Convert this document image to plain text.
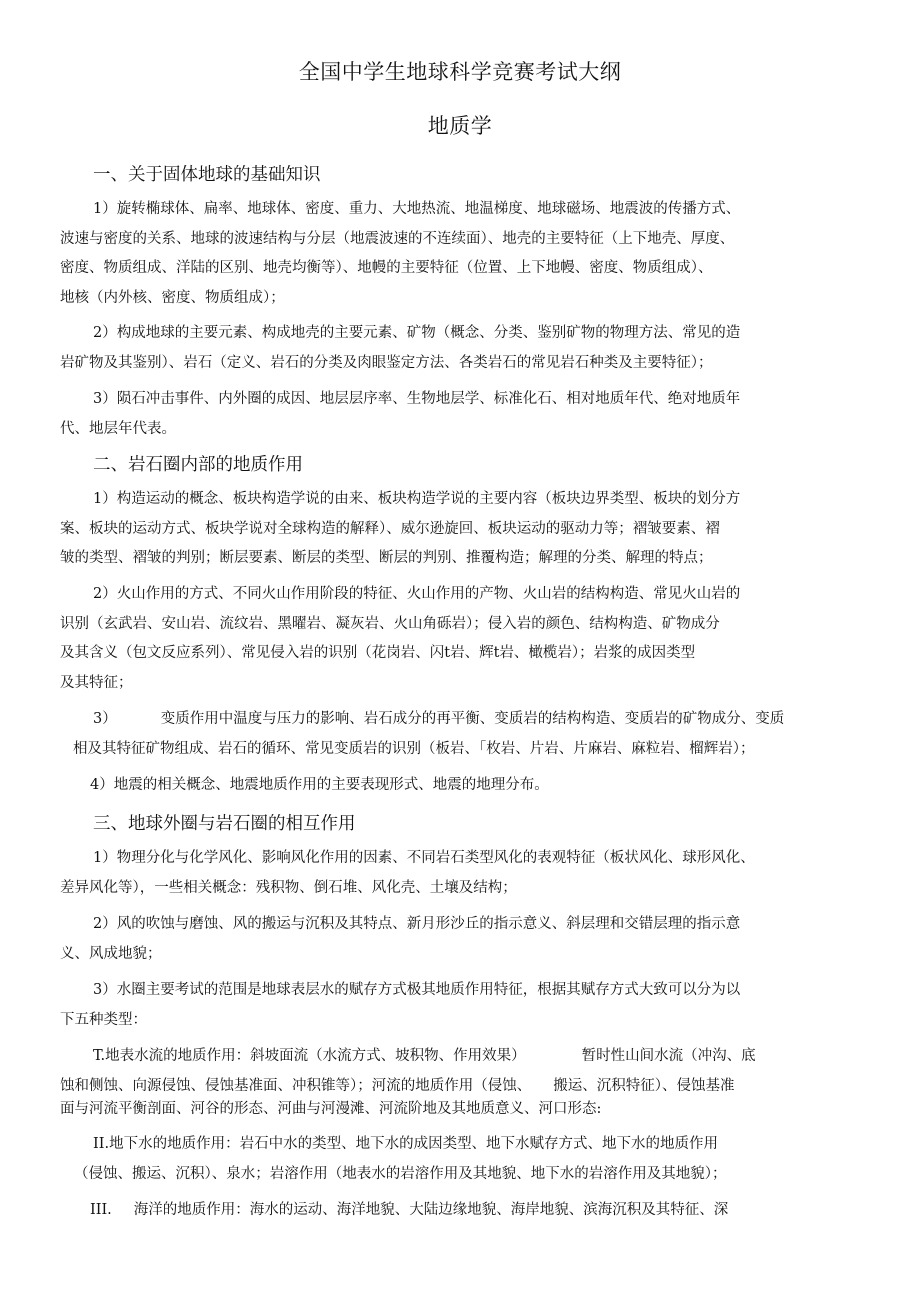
全国中学生地球科学竞赛考试大纲
地质学
一、关于固体地球的基础知识
1）旋转椭球体、扁率、地球体、密度、重力、大地热流、地温梯度、地球磁场、地震波的传播方式、
波速与密度的关系、地球的波速结构与分层（地震波速的不连续面）、地壳的主要特征（上下地壳、厚度、
密度、物质组成、洋陆的区别、地壳均衡等）、地幔的主要特征（位置、上下地幔、密度、物质组成）、
地核（内外核、密度、物质组成）；
2）构成地球的主要元素、构成地壳的主要元素、矿物（概念、分类、鉴别矿物的物理方法、常见的造
岩矿物及其鉴别）、岩石（定义、岩石的分类及肉眼鉴定方法、各类岩石的常见岩石种类及主要特征）；
3）陨石冲击事件、内外圈的成因、地层层序率、生物地层学、标准化石、相对地质年代、绝对地质年
代、地层年代表。
二、岩石圈内部的地质作用
1）构造运动的概念、板块构造学说的由来、板块构造学说的主要内容（板块边界类型、板块的划分方
案、板块的运动方式、板块学说对全球构造的解释）、威尔逊旋回、板块运动的驱动力等；褶皱要素、褶
皱的类型、褶皱的判别；断层要素、断层的类型、断层的判别、推覆构造；解理的分类、解理的特点；
2）火山作用的方式、不同火山作用阶段的特征、火山作用的产物、火山岩的结构构造、常见火山岩的
识别（玄武岩、安山岩、流纹岩、黑曜岩、凝灰岩、火山角砾岩）；侵入岩的颜色、结构构造、矿物成分
及其含义（包文反应系列）、常见侵入岩的识别（花岗岩、闪t岩、辉t岩、橄榄岩）；岩浆的成因类型
及其特征；
3）	变质作用中温度与压力的影响、岩石成分的再平衡、变质岩的结构构造、变质岩的矿物成分、变质
相及其特征矿物组成、岩石的循环、常见变质岩的识别（板岩、「枚岩、片岩、片麻岩、麻粒岩、榴辉岩）；
4）地震的相关概念、地震地质作用的主要表现形式、地震的地理分布。
三、地球外圈与岩石圈的相互作用
1）物理分化与化学风化、影响风化作用的因素、不同岩石类型风化的表观特征（板状风化、球形风化、
差异风化等），一些相关概念：残积物、倒石堆、风化壳、土壤及结构；
2）风的吹蚀与磨蚀、风的搬运与沉积及其特点、新月形沙丘的指示意义、斜层理和交错层理的指示意
义、风成地貌；
3）水圈主要考试的范围是地球表层水的赋存方式极其地质作用特征，根据其赋存方式大致可以分为以
下五种类型：
T.地表水流的地质作用：斜坡面流（水流方式、坡积物、作用效果）	暂时性山间水流（冲沟、底
蚀和侧蚀、向源侵蚀、侵蚀基准面、冲积锥等）；河流的地质作用（侵蚀、 搬运、沉积特征）、侵蚀基准
面与河流平衡剖面、河谷的形态、河曲与河漫滩、河流阶地及其地质意义、河口形态:
II.地下水的地质作用：岩石中水的类型、地下水的成因类型、地下水赋存方式、地下水的地质作用
（侵蚀、搬运、沉积）、泉水；岩溶作用（地表水的岩溶作用及其地貌、地下水的岩溶作用及其地貌）；
III. 海洋的地质作用：海水的运动、海洋地貌、大陆边缘地貌、海岸地貌、滨海沉积及其特征、深
